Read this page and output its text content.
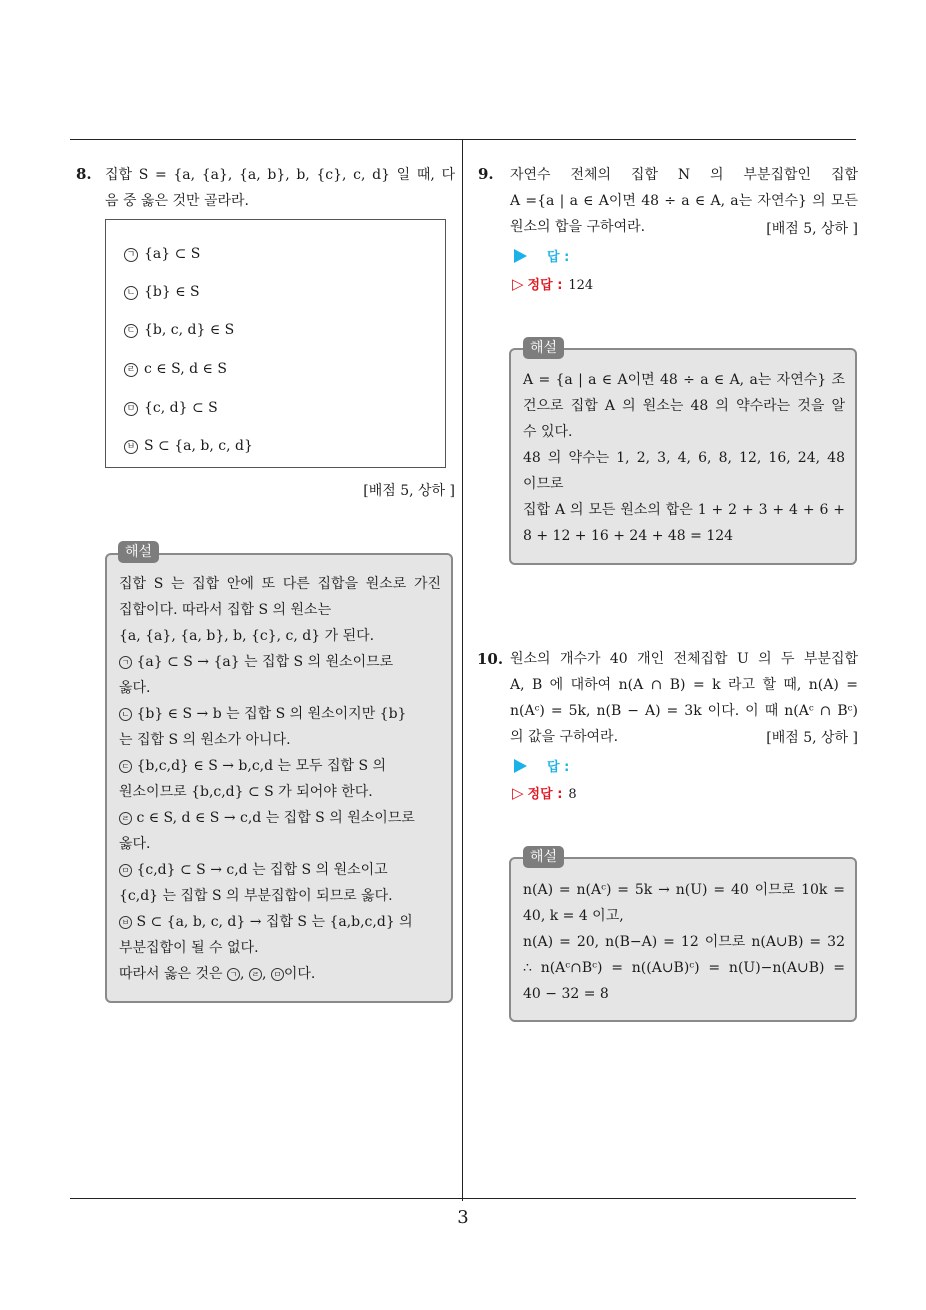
3
8. 집합 S = {a, {a}, {a, b}, b, {c}, c, d} 일 때, 다
음 중 옳은 것만 골라라.
ㄱ {a} ⊂ S
ㄴ {b} ∈ S
ㄷ {b, c, d} ∈ S
ㄹ c ∈ S, d ∈ S
ㅁ {c, d} ⊂ S
ㅂ S ⊂ {a, b, c, d}
[배점 5, 상하 ]
집합 S 는 집합 안에 또 다른 집합을 원소로 가진
집합이다. 따라서 집합 S 의 원소는
{a, {a}, {a, b}, b, {c}, c, d} 가 된다.
ㄱ {a} ⊂ S → {a} 는 집합 S 의 원소이므로
옳다.
ㄴ {b} ∈ S → b 는 집합 S 의 원소이지만 {b}
는 집합 S 의 원소가 아니다.
ㄷ {b,c,d} ∈ S → b,c,d 는 모두 집합 S 의
원소이므로 {b,c,d} ⊂ S 가 되어야 한다.
ㄹ c ∈ S, d ∈ S → c,d 는 집합 S 의 원소이므로
옳다.
ㅁ {c,d} ⊂ S → c,d 는 집합 S 의 원소이고
{c,d} 는 집합 S 의 부분집합이 되므로 옳다.
ㅂ S ⊂ {a, b, c, d} → 집합 S 는 {a,b,c,d} 의
부분집합이 될 수 없다.
따라서 옳은 것은 ㄱ , ㄹ , ㅁ 이다.
해설
9. 자연수 전체의 집합 N 의 부분집합인 집합
A ={a | a ∈ A이면 48 ÷ a ∈ A, a는 자연수} 의 모든
원소의 합을 구하여라.	[배점 5, 상하 ]
답 :
▷ 정답 : 124
A = {a | a ∈ A이면 48 ÷ a ∈ A, a는 자연수} 조
건으로 집합 A 의 원소는 48 의 약수라는 것을 알
수 있다.
48 의 약수는 1, 2, 3, 4, 6, 8, 12, 16, 24, 48
이므로
집합 A 의 모든 원소의 합은 1 + 2 + 3 + 4 + 6 +
8 + 12 + 16 + 24 + 48 = 124
해설
10. 원소의 개수가 40 개인 전체집합 U 의 두 부분집합
A, B 에 대하여 n(A ∩ B) = k 라고 할 때, n(A) =
n(Aᶜ) = 5k, n(B − A) = 3k 이다. 이 때 n(Aᶜ ∩ Bᶜ)
의 값을 구하여라.	[배점 5, 상하 ]
답 :
▷ 정답 : 8
n(A) = n(Aᶜ) = 5k → n(U) = 40 이므로 10k =
40, k = 4 이고,
n(A) = 20, n(B−A) = 12 이므로 n(A∪B) = 32
∴ n(Aᶜ∩Bᶜ) = n((A∪B)ᶜ) = n(U)−n(A∪B) =
40 − 32 = 8
해설
